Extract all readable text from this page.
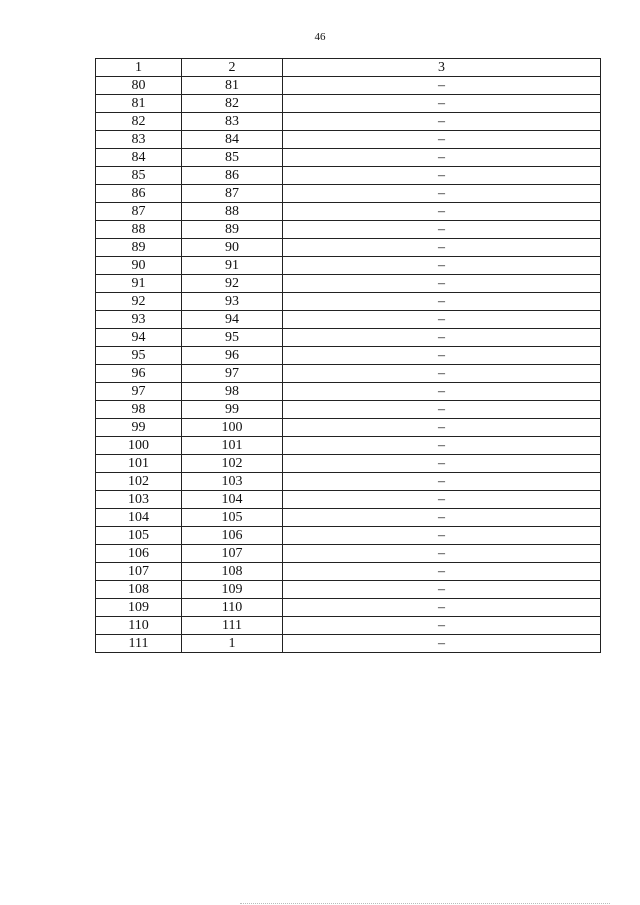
46
1	2	3
80	81	–
81	82	–
82	83	–
83	84	–
84	85	–
85	86	–
86	87	–
87	88	–
88	89	–
89	90	–
90	91	–
91	92	–
92	93	–
93	94	–
94	95	–
95	96	–
96	97	–
97	98	–
98	99	–
99	100	–
100	101	–
101	102	–
102	103	–
103	104	–
104	105	–
105	106	–
106	107	–
107	108	–
108	109	–
109	110	–
110	111	–
111	1	–
